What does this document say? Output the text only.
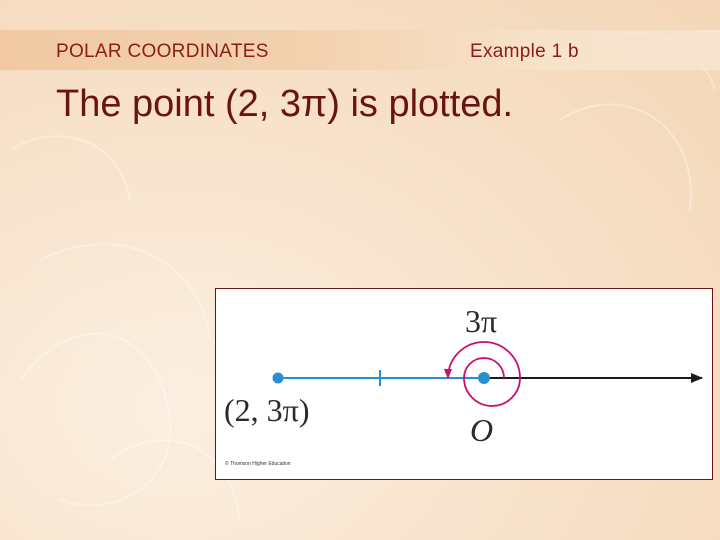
POLAR COORDINATES	Example 1 b
The point (2, 3π) is plotted.
3π
(2, 3π)
O
© Thomson Higher Education
